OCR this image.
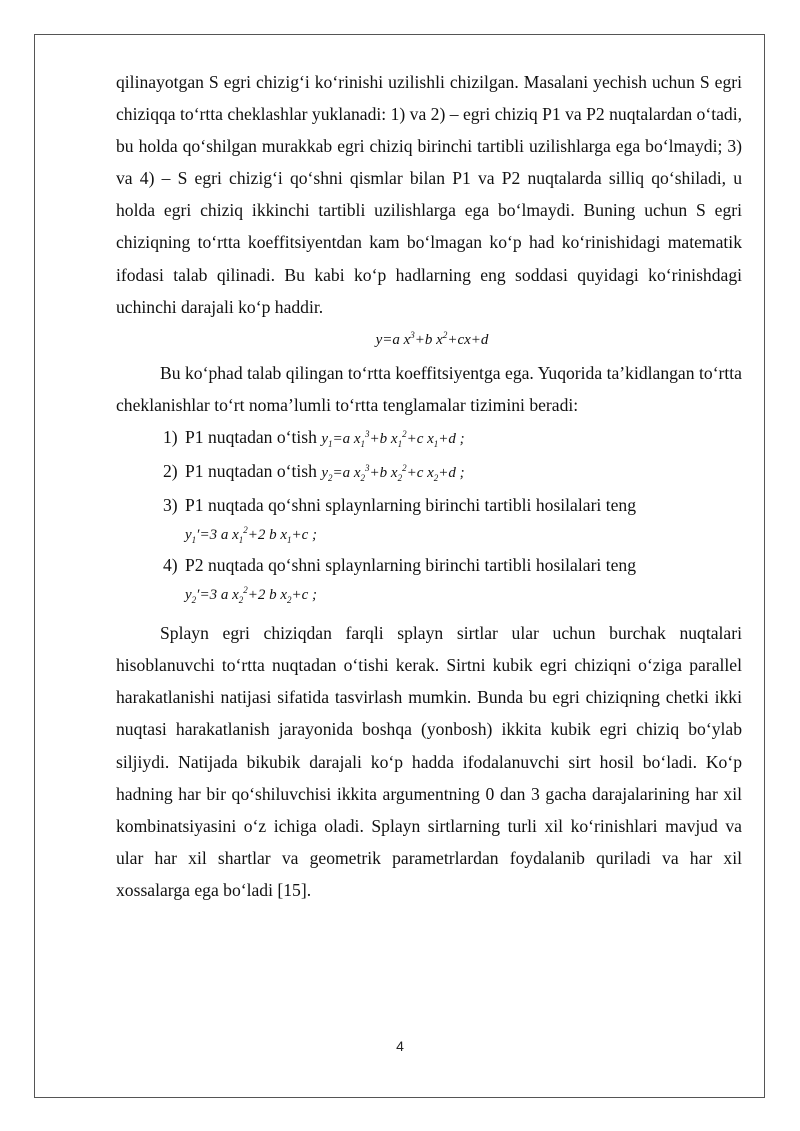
qilinayotgan S egri chizig‘i ko‘rinishi uzilishli chizilgan. Masalani yechish uchun S egri chiziqqa to‘rtta cheklashlar yuklanadi: 1) va 2) – egri chiziq P1 va P2 nuqtalardan o‘tadi, bu holda qo‘shilgan murakkab egri chiziq birinchi tartibli uzilishlarga ega bo‘lmaydi; 3) va 4) – S egri chizig‘i qo‘shni qismlar bilan P1 va P2 nuqtalarda silliq qo‘shiladi, u holda egri chiziq ikkinchi tartibli uzilishlarga ega bo‘lmaydi. Buning uchun S egri chiziqning to‘rtta koeffitsiyentdan kam bo‘lmagan ko‘p had ko‘rinishidagi matematik ifodasi talab qilinadi. Bu kabi ko‘p hadlarning eng soddasi quyidagi ko‘rinishdagi uchinchi darajali ko‘p haddir.

y=a $x^3+b$ $x^2+cx+d$

Bu ko‘phad talab qilingan to‘rtta koeffitsiyentga ega. Yuqorida ta’kidlangan to‘rtta cheklanishlar to‘rt noma’lumli to‘rtta tenglamalar tizimini beradi:

1) P1 nuqtadan o‘tish $y_1=a$ $x_1^3+b$ $x_1^2+c$ $x_1+d$ ;
2) P1 nuqtadan o‘tish $y_2=a$ $x_2^3+b$ $x_2^2+c$ $x_2+d$ ;
3) P1 nuqtada qo‘shni splaynlarning birinchi tartibli hosilalari teng
$y_1'=3$ a $x_1^2+2$ b $x_1+c$ ;
4) P2 nuqtada qo‘shni splaynlarning birinchi tartibli hosilalari teng
$y_2'=3$ a $x_2^2+2$ b $x_2+c$ ;

Splayn egri chiziqdan farqli splayn sirtlar ular uchun burchak nuqtalari hisoblanuvchi to‘rtta nuqtadan o‘tishi kerak. Sirtni kubik egri chiziqni o‘ziga parallel harakatlanishi natijasi sifatida tasvirlash mumkin. Bunda bu egri chiziqning chetki ikki nuqtasi harakatlanish jarayonida boshqa (yonbosh) ikkita kubik egri chiziq bo‘ylab siljiydi. Natijada bikubik darajali ko‘p hadda ifodalanuvchi sirt hosil bo‘ladi. Ko‘p hadning har bir qo‘shiluvchisi ikkita argumentning 0 dan 3 gacha darajalarining har xil kombinatsiyasini o‘z ichiga oladi. Splayn sirtlarning turli xil ko‘rinishlari mavjud va ular har xil shartlar va geometrik parametrlardan foydalanib quriladi va har xil xossalarga ega bo‘ladi [15].

4
